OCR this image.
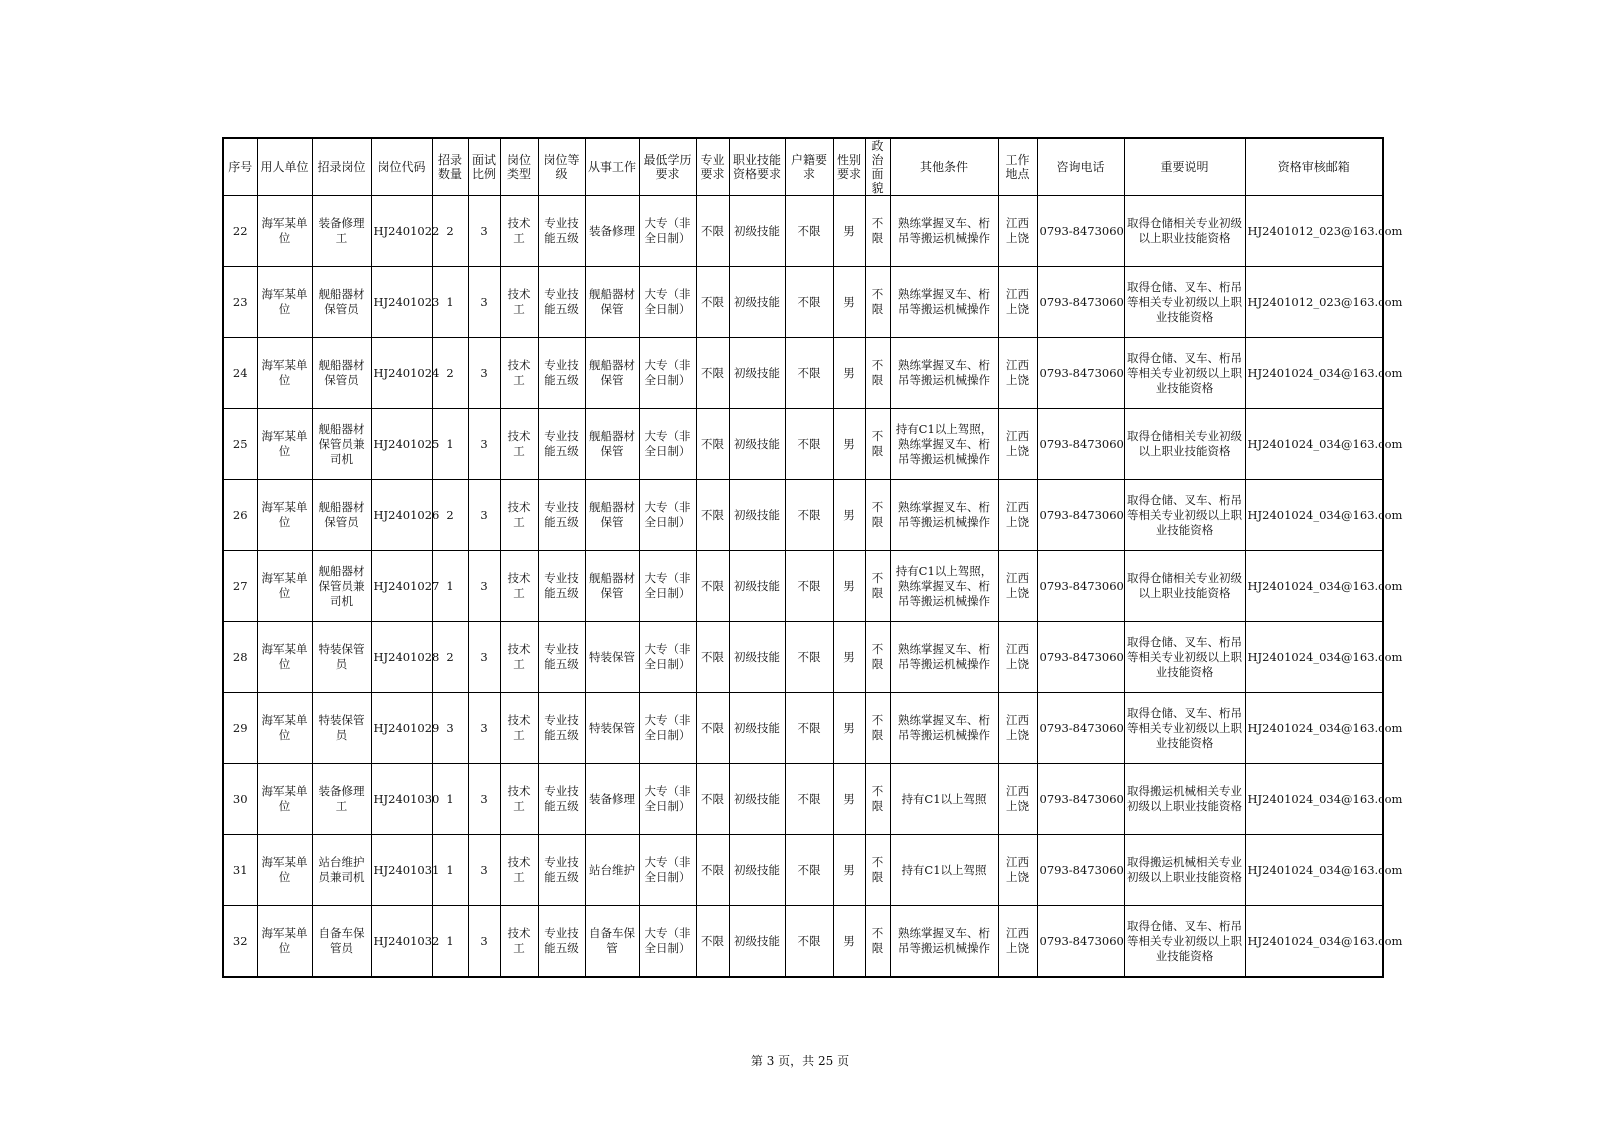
序号	用人单位	招录岗位	岗位代码	招录数量	面试比例	岗位类型	岗位等级	从事工作	最低学历要求	专业要求	职业技能资格要求	户籍要求	性别要求	政治面貌	其他条件	工作地点	咨询电话	重要说明	资格审核邮箱
22	海军某单位	装备修理工	HJ2401022	2	3	技术工	专业技能五级	装备修理	大专（非全日制）	不限	初级技能	不限	男	不限	熟练掌握叉车、桁吊等搬运机械操作	江西上饶	0793-8473060	取得仓储相关专业初级以上职业技能资格	HJ2401012_023@163.com
23	海军某单位	舰船器材保管员	HJ2401023	1	3	技术工	专业技能五级	舰船器材保管	大专（非全日制）	不限	初级技能	不限	男	不限	熟练掌握叉车、桁吊等搬运机械操作	江西上饶	0793-8473060	取得仓储、叉车、桁吊等相关专业初级以上职业技能资格	HJ2401012_023@163.com
24	海军某单位	舰船器材保管员	HJ2401024	2	3	技术工	专业技能五级	舰船器材保管	大专（非全日制）	不限	初级技能	不限	男	不限	熟练掌握叉车、桁吊等搬运机械操作	江西上饶	0793-8473060	取得仓储、叉车、桁吊等相关专业初级以上职业技能资格	HJ2401024_034@163.com
25	海军某单位	舰船器材保管员兼司机	HJ2401025	1	3	技术工	专业技能五级	舰船器材保管	大专（非全日制）	不限	初级技能	不限	男	不限	持有C1以上驾照，熟练掌握叉车、桁吊等搬运机械操作	江西上饶	0793-8473060	取得仓储相关专业初级以上职业技能资格	HJ2401024_034@163.com
26	海军某单位	舰船器材保管员	HJ2401026	2	3	技术工	专业技能五级	舰船器材保管	大专（非全日制）	不限	初级技能	不限	男	不限	熟练掌握叉车、桁吊等搬运机械操作	江西上饶	0793-8473060	取得仓储、叉车、桁吊等相关专业初级以上职业技能资格	HJ2401024_034@163.com
27	海军某单位	舰船器材保管员兼司机	HJ2401027	1	3	技术工	专业技能五级	舰船器材保管	大专（非全日制）	不限	初级技能	不限	男	不限	持有C1以上驾照，熟练掌握叉车、桁吊等搬运机械操作	江西上饶	0793-8473060	取得仓储相关专业初级以上职业技能资格	HJ2401024_034@163.com
28	海军某单位	特装保管员	HJ2401028	2	3	技术工	专业技能五级	特装保管	大专（非全日制）	不限	初级技能	不限	男	不限	熟练掌握叉车、桁吊等搬运机械操作	江西上饶	0793-8473060	取得仓储、叉车、桁吊等相关专业初级以上职业技能资格	HJ2401024_034@163.com
29	海军某单位	特装保管员	HJ2401029	3	3	技术工	专业技能五级	特装保管	大专（非全日制）	不限	初级技能	不限	男	不限	熟练掌握叉车、桁吊等搬运机械操作	江西上饶	0793-8473060	取得仓储、叉车、桁吊等相关专业初级以上职业技能资格	HJ2401024_034@163.com
30	海军某单位	装备修理工	HJ2401030	1	3	技术工	专业技能五级	装备修理	大专（非全日制）	不限	初级技能	不限	男	不限	持有C1以上驾照	江西上饶	0793-8473060	取得搬运机械相关专业初级以上职业技能资格	HJ2401024_034@163.com
31	海军某单位	站台维护员兼司机	HJ2401031	1	3	技术工	专业技能五级	站台维护	大专（非全日制）	不限	初级技能	不限	男	不限	持有C1以上驾照	江西上饶	0793-8473060	取得搬运机械相关专业初级以上职业技能资格	HJ2401024_034@163.com
32	海军某单位	自备车保管员	HJ2401032	1	3	技术工	专业技能五级	自备车保管	大专（非全日制）	不限	初级技能	不限	男	不限	熟练掌握叉车、桁吊等搬运机械操作	江西上饶	0793-8473060	取得仓储、叉车、桁吊等相关专业初级以上职业技能资格	HJ2401024_034@163.com
第 3 页，共 25 页
